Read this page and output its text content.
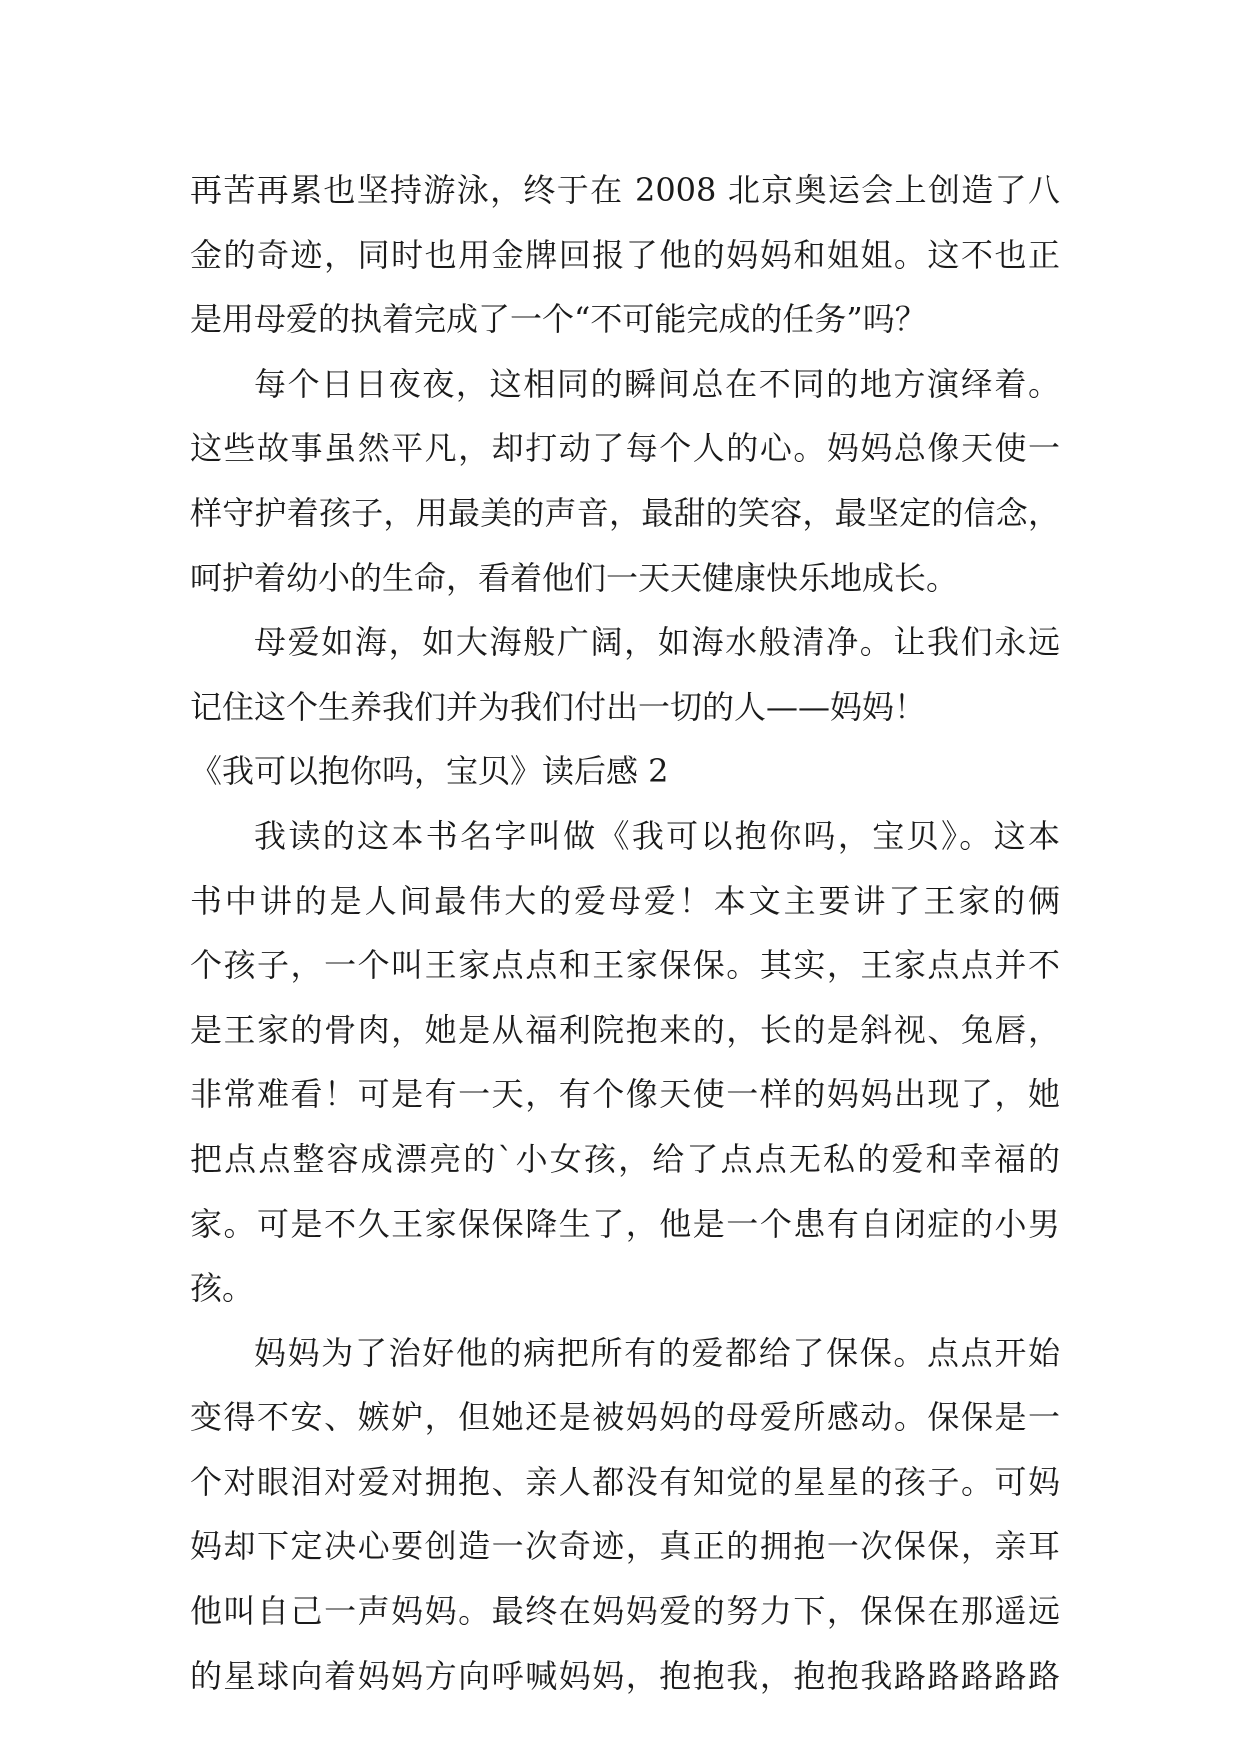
再苦再累也坚持游泳，终于在 2008 北京奥运会上创造了八
金的奇迹，同时也用金牌回报了他的妈妈和姐姐。这不也正
是用母爱的执着完成了一个“不可能完成的任务”吗？
每个日日夜夜，这相同的瞬间总在不同的地方演绎着。
这些故事虽然平凡，却打动了每个人的心。妈妈总像天使一
样守护着孩子，用最美的声音，最甜的笑容，最坚定的信念，
呵护着幼小的生命，看着他们一天天健康快乐地成长。
母爱如海，如大海般广阔，如海水般清净。让我们永远
记住这个生养我们并为我们付出一切的人——妈妈！
《我可以抱你吗，宝贝》读后感 2
我读的这本书名字叫做《我可以抱你吗，宝贝》。这本
书中讲的是人间最伟大的爱母爱！本文主要讲了王家的俩
个孩子，一个叫王家点点和王家保保。其实，王家点点并不
是王家的骨肉，她是从福利院抱来的，长的是斜视、兔唇，
非常难看！可是有一天，有个像天使一样的妈妈出现了，她
把点点整容成漂亮的`小女孩，给了点点无私的爱和幸福的
家。可是不久王家保保降生了，他是一个患有自闭症的小男
孩。
妈妈为了治好他的病把所有的爱都给了保保。点点开始
变得不安、嫉妒，但她还是被妈妈的母爱所感动。保保是一
个对眼泪对爱对拥抱、亲人都没有知觉的星星的孩子。可妈
妈却下定决心要创造一次奇迹，真正的拥抱一次保保，亲耳
他叫自己一声妈妈。最终在妈妈爱的努力下，保保在那遥远
的星球向着妈妈方向呼喊妈妈，抱抱我，抱抱我路路路路路
